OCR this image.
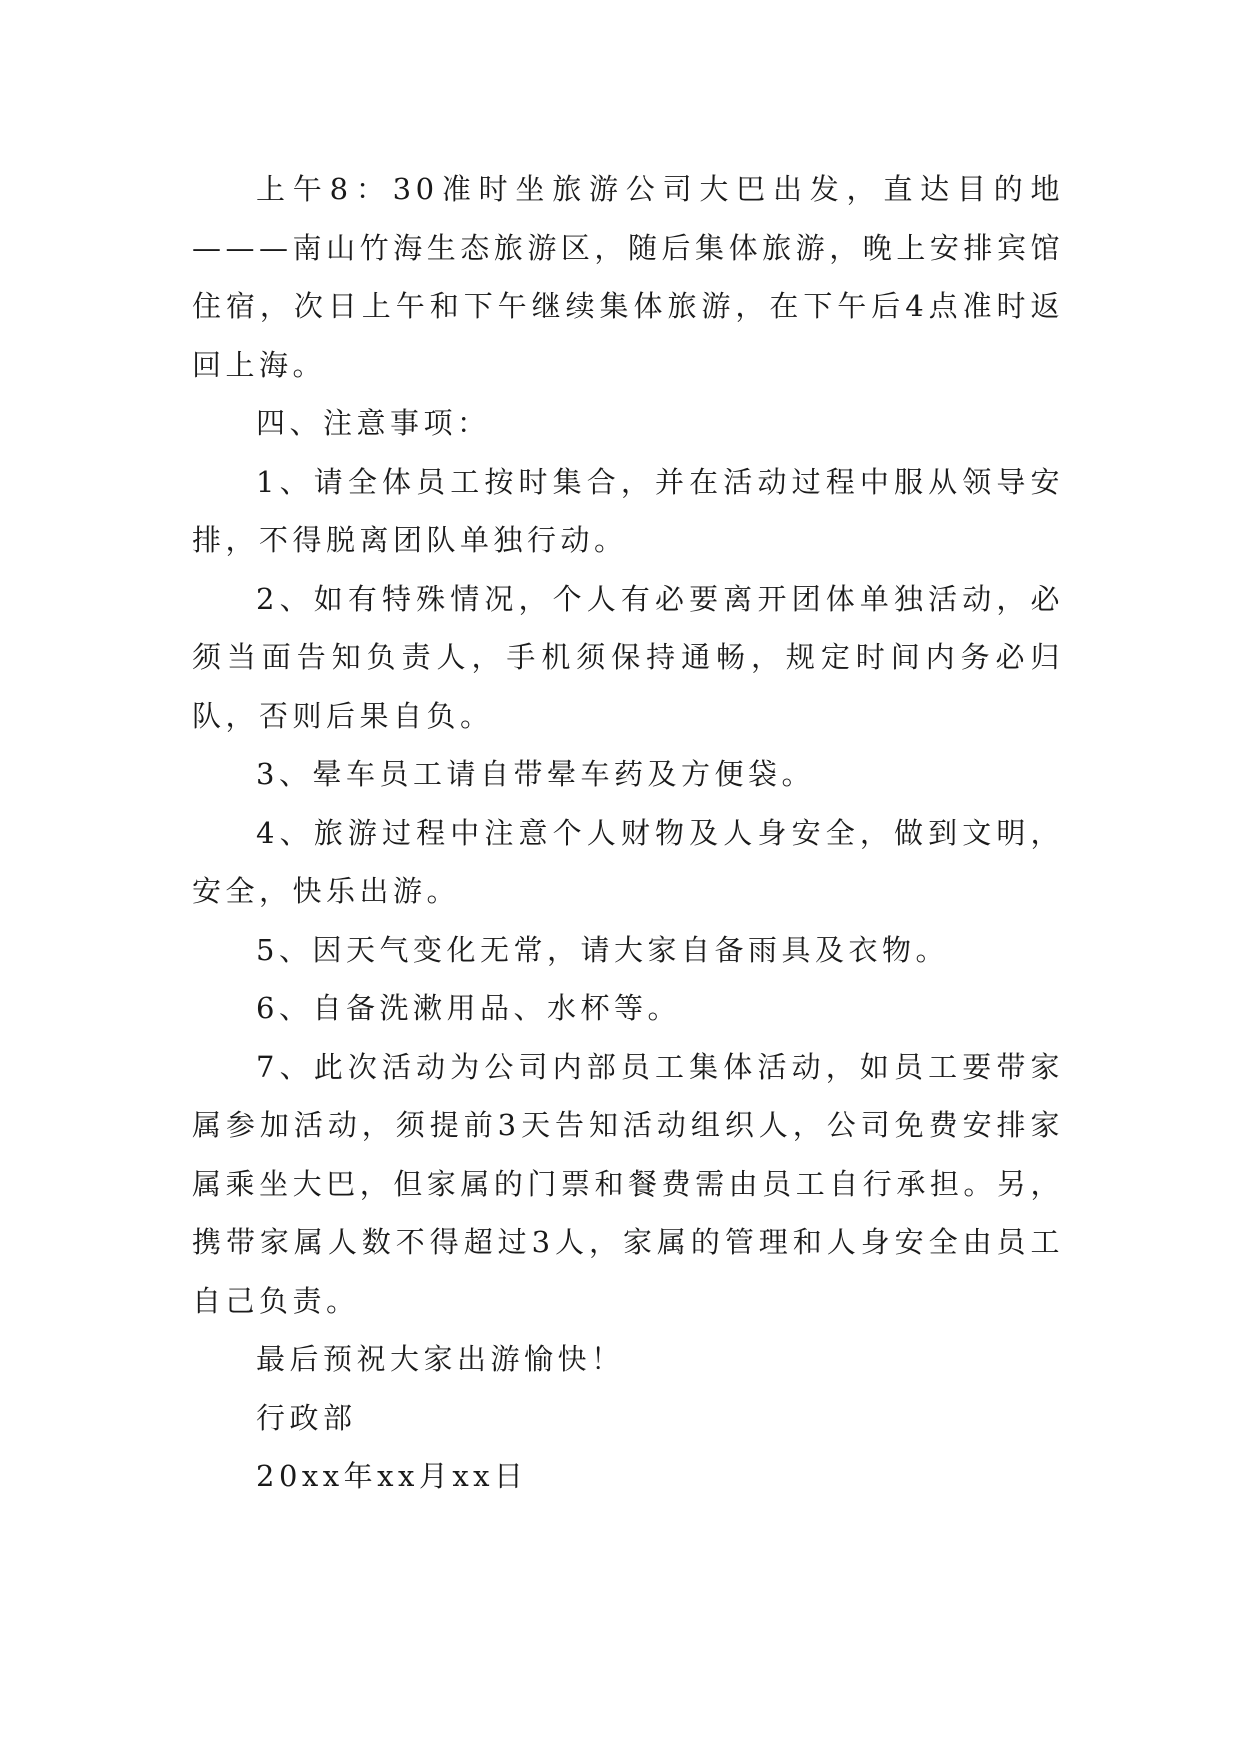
上午8：30准时坐旅游公司大巴出发，直达目的地———南山竹海生态旅游区，随后集体旅游，晚上安排宾馆住宿，次日上午和下午继续集体旅游，在下午后4点准时返回上海。

四、注意事项：

1、请全体员工按时集合，并在活动过程中服从领导安排，不得脱离团队单独行动。

2、如有特殊情况，个人有必要离开团体单独活动，必须当面告知负责人，手机须保持通畅，规定时间内务必归队，否则后果自负。

3、晕车员工请自带晕车药及方便袋。

4、旅游过程中注意个人财物及人身安全，做到文明，安全，快乐出游。

5、因天气变化无常，请大家自备雨具及衣物。

6、自备洗漱用品、水杯等。

7、此次活动为公司内部员工集体活动，如员工要带家属参加活动，须提前3天告知活动组织人，公司免费安排家属乘坐大巴，但家属的门票和餐费需由员工自行承担。另，携带家属人数不得超过3人，家属的管理和人身安全由员工自己负责。

最后预祝大家出游愉快！

行政部

20xx年xx月xx日
